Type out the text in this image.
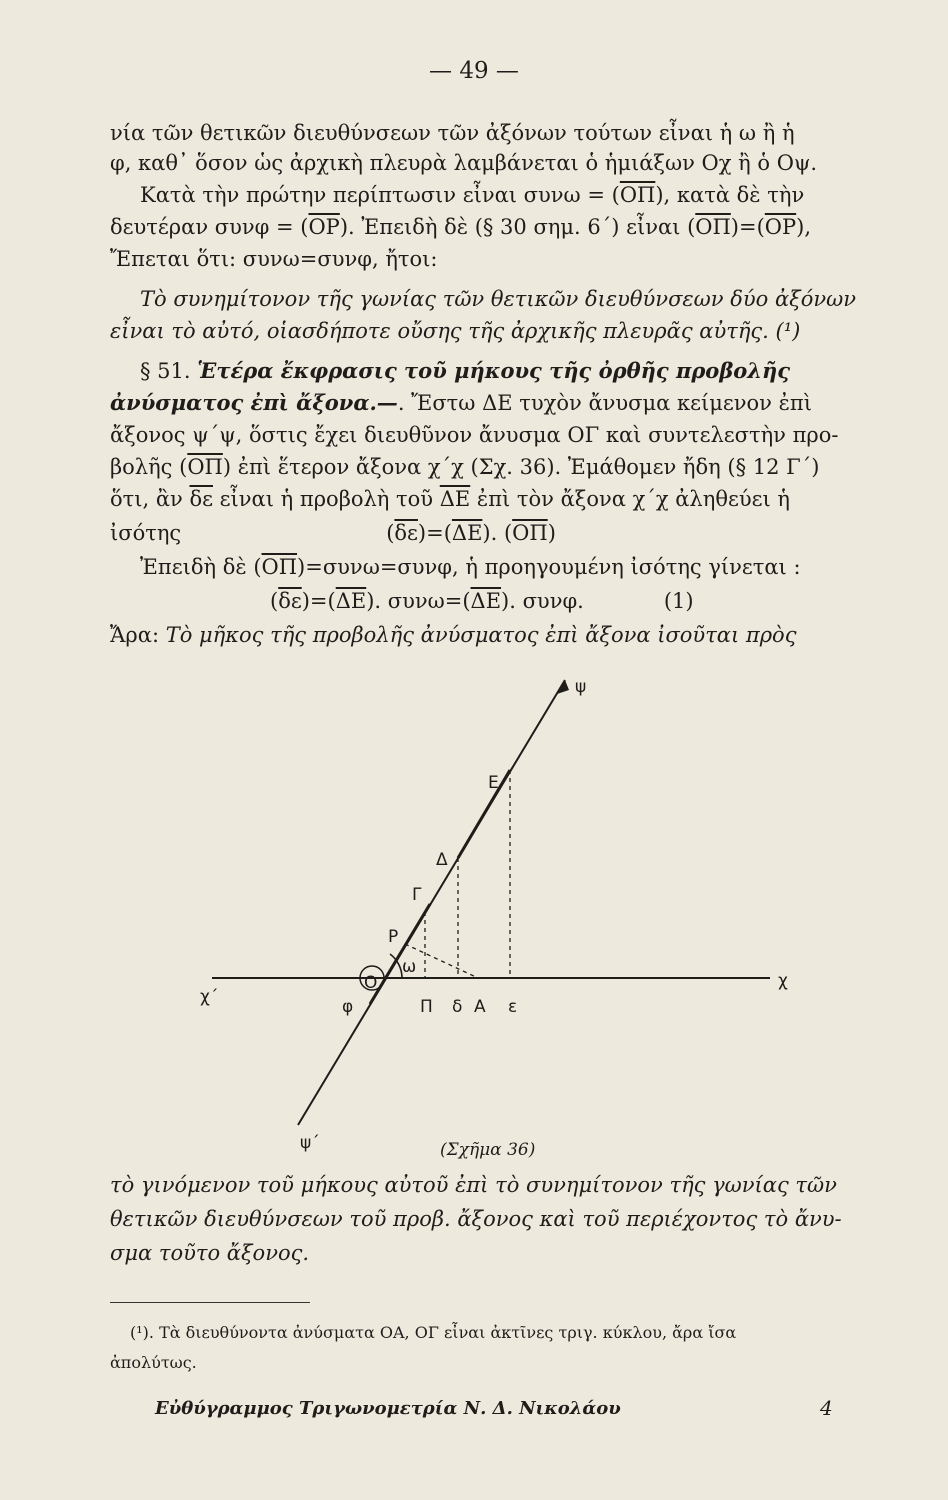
— 49 —
νία τῶν θετικῶν διευθύνσεων τῶν ἀξόνων τούτων εἶναι ἡ ω ἢ ἡ
φ, καθ᾽ ὅσον ὡς ἀρχικὴ πλευρὰ λαμβάνεται ὁ ἡμιάξων Οχ ἢ ὁ Οψ.
Κατὰ τὴν πρώτην περίπτωσιν εἶναι $\sigma\upsilon\nu\omega = (\overline{O\Pi})$, κατὰ δὲ τὴν
δευτέραν $\sigma\upsilon\nu\varphi = (\overline{OP})$. Ἐπειδὴ δὲ (§ 30 σημ. 6΄) εἶναι $(\overline{O\Pi})=(\overline{OP})$,
Ἔπεται ὅτι: συνω=συνφ, ἤτοι:
Τὸ συνημίτονον τῆς γωνίας τῶν θετικῶν διευθύνσεων δύο ἀξόνων
εἶναι τὸ αὐτό, οἱασδήποτε οὔσης τῆς ἀρχικῆς πλευρᾶς αὐτῆς. (¹)
§ 51. Ἑτέρα ἔκφρασις τοῦ μήκους τῆς ὀρθῆς προβολῆς
ἀνύσματος ἐπὶ ἄξονα.—. Ἔστω ΔΕ τυχὸν ἄνυσμα κείμενον ἐπὶ
ἄξονος ψ΄ψ, ὅστις ἔχει διευθῦνον ἄνυσμα ΟΓ καὶ συντελεστὴν προ-
βολῆς $(\overline{O\Pi})$ ἐπὶ ἕτερον ἄξονα χ΄χ (Σχ. 36). Ἐμάθομεν ἤδη (§ 12 Γ΄)
ὅτι, ἂν $\overline{\delta\varepsilon}$ εἶναι ἡ προβολὴ τοῦ $\overline{\Delta E}$ ἐπὶ τὸν ἄξονα χ΄χ ἀληθεύει ἡ
ἰσότης	$(\overline{\delta\varepsilon})=(\overline{\Delta E})$. $(\overline{O\Pi})$
Ἐπειδὴ δὲ $(\overline{O\Pi})=\sigma\upsilon\nu\omega=\sigma\upsilon\nu\varphi$, ἡ προηγουμένη ἰσότης γίνεται :
$(\overline{\delta\varepsilon})=(\overline{\Delta E})$. $\sigma\upsilon\nu\omega=(\overline{\Delta E})$. συνφ.	(1)
Ἄρα: Τὸ μῆκος τῆς προβολῆς ἀνύσματος ἐπὶ ἄξονα ἰσοῦται πρὸς
ψ
Ε
Δ
Γ
Ρ
ω
Ο
χ΄
χ
φ	Π δ Α ε
ψ΄	(Σχῆμα 36)
τὸ γινόμενον τοῦ μήκους αὐτοῦ ἐπὶ τὸ συνημίτονον τῆς γωνίας τῶν
θετικῶν διευθύνσεων τοῦ προβ. ἄξονος καὶ τοῦ περιέχοντος τὸ ἄνυ-
σμα τοῦτο ἄξονος.
(¹). Τὰ διευθύνοντα ἀνύσματα ΟΑ, ΟΓ εἶναι ἀκτῖνες τριγ. κύκλου, ἄρα ἴσα
ἀπολύτως.
Εὐθύγραμμος Τριγωνομετρία Ν. Δ. Νικολάου	4
